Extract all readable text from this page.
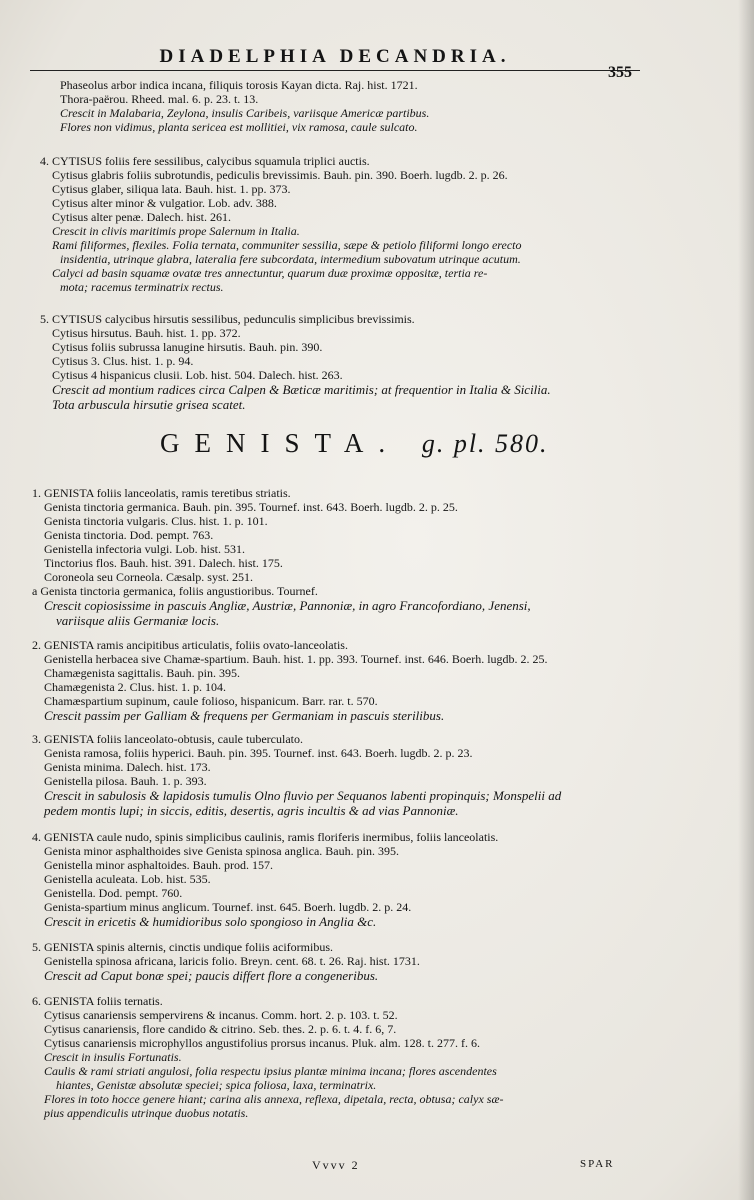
DIADELPHIA DECANDRIA.
355
Phaseolus arbor indica incana, filiquis torosis Kayan dicta. Raj. hist. 1721.
Thora-paërou. Rheed. mal. 6. p. 23. t. 13.
Crescit in Malabaria, Zeylona, insulis Caribeis, variisque Americæ partibus.
Flores non vidimus, planta sericea est mollitiei, vix ramosa, caule sulcato.
4. CYTISUS foliis fere sessilibus, calycibus squamula triplici auctis.
Cytisus glabris foliis subrotundis, pediculis brevissimis. Bauh. pin. 390. Boerh. lugdb. 2. p. 26.
Cytisus glaber, siliqua lata. Bauh. hist. 1. pp. 373.
Cytisus alter minor & vulgatior. Lob. adv. 388.
Cytisus alter penæ. Dalech. hist. 261.
Crescit in clivis maritimis prope Salernum in Italia.
Rami filiformes, flexiles. Folia ternata, communiter sessilia, sæpe & petiolo filiformi longo erecto
insidentia, utrinque glabra, lateralia fere subcordata, intermedium subovatum utrinque acutum.
Calyci ad basin squamæ ovatæ tres annectuntur, quarum duæ proximæ oppositæ, tertia re-
mota; racemus terminatrix rectus.
5. CYTISUS calycibus hirsutis sessilibus, pedunculis simplicibus brevissimis.
Cytisus hirsutus. Bauh. hist. 1. pp. 372.
Cytisus foliis subrussa lanugine hirsutis. Bauh. pin. 390.
Cytisus 3. Clus. hist. 1. p. 94.
Cytisus 4 hispanicus clusii. Lob. hist. 504. Dalech. hist. 263.
Crescit ad montium radices circa Calpen & Bæticæ maritimis; at frequentior in Italia & Sicilia.
Tota arbuscula hirsutie grisea scatet.
1. GENISTA foliis lanceolatis, ramis teretibus striatis.
Genista tinctoria germanica. Bauh. pin. 395. Tournef. inst. 643. Boerh. lugdb. 2. p. 25.
Genista tinctoria vulgaris. Clus. hist. 1. p. 101.
Genista tinctoria. Dod. pempt. 763.
Genistella infectoria vulgi. Lob. hist. 531.
Tinctorius flos. Bauh. hist. 391. Dalech. hist. 175.
Coroneola seu Corneola. Cæsalp. syst. 251.
a Genista tinctoria germanica, foliis angustioribus. Tournef.
Crescit copiosissime in pascuis Angliæ, Austriæ, Pannoniæ, in agro Francofordiano, Jenensi,
variisque aliis Germaniæ locis.
2. GENISTA ramis ancipitibus articulatis, foliis ovato-lanceolatis.
Genistella herbacea sive Chamæ-spartium. Bauh. hist. 1. pp. 393. Tournef. inst. 646. Boerh. lugdb. 2. 25.
Chamægenista sagittalis. Bauh. pin. 395.
Chamægenista 2. Clus. hist. 1. p. 104.
Chamæspartium supinum, caule folioso, hispanicum. Barr. rar. t. 570.
Crescit passim per Galliam & frequens per Germaniam in pascuis sterilibus.
3. GENISTA foliis lanceolato-obtusis, caule tuberculato.
Genista ramosa, foliis hyperici. Bauh. pin. 395. Tournef. inst. 643. Boerh. lugdb. 2. p. 23.
Genista minima. Dalech. hist. 173.
Genistella pilosa. Bauh. 1. p. 393.
Crescit in sabulosis & lapidosis tumulis Olno fluvio per Sequanos labenti propinquis; Monspelii ad
pedem montis lupi; in siccis, editis, desertis, agris incultis & ad vias Pannoniæ.
4. GENISTA caule nudo, spinis simplicibus caulinis, ramis floriferis inermibus, foliis lanceolatis.
Genista minor asphalthoides sive Genista spinosa anglica. Bauh. pin. 395.
Genistella minor asphaltoides. Bauh. prod. 157.
Genistella aculeata. Lob. hist. 535.
Genistella. Dod. pempt. 760.
Genista-spartium minus anglicum. Tournef. inst. 645. Boerh. lugdb. 2. p. 24.
Crescit in ericetis & humidioribus solo spongioso in Anglia &c.
5. GENISTA spinis alternis, cinctis undique foliis aciformibus.
Genistella spinosa africana, laricis folio. Breyn. cent. 68. t. 26. Raj. hist. 1731.
Crescit ad Caput bonæ spei; paucis differt flore a congeneribus.
6. GENISTA foliis ternatis.
Cytisus canariensis sempervirens & incanus. Comm. hort. 2. p. 103. t. 52.
Cytisus canariensis, flore candido & citrino. Seb. thes. 2. p. 6. t. 4. f. 6, 7.
Cytisus canariensis microphyllos angustifolius prorsus incanus. Pluk. alm. 128. t. 277. f. 6.
Crescit in insulis Fortunatis.
Caulis & rami striati angulosi, folia respectu ipsius plantæ minima incana; flores ascendentes
hiantes, Genistæ absolutæ speciei; spica foliosa, laxa, terminatrix.
Flores in toto hocce genere hiant; carina alis annexa, reflexa, dipetala, recta, obtusa; calyx sæ-
pius appendiculis utrinque duobus notatis.
GENISTA. g. pl. 580.
Vvvv 2	SPAR
